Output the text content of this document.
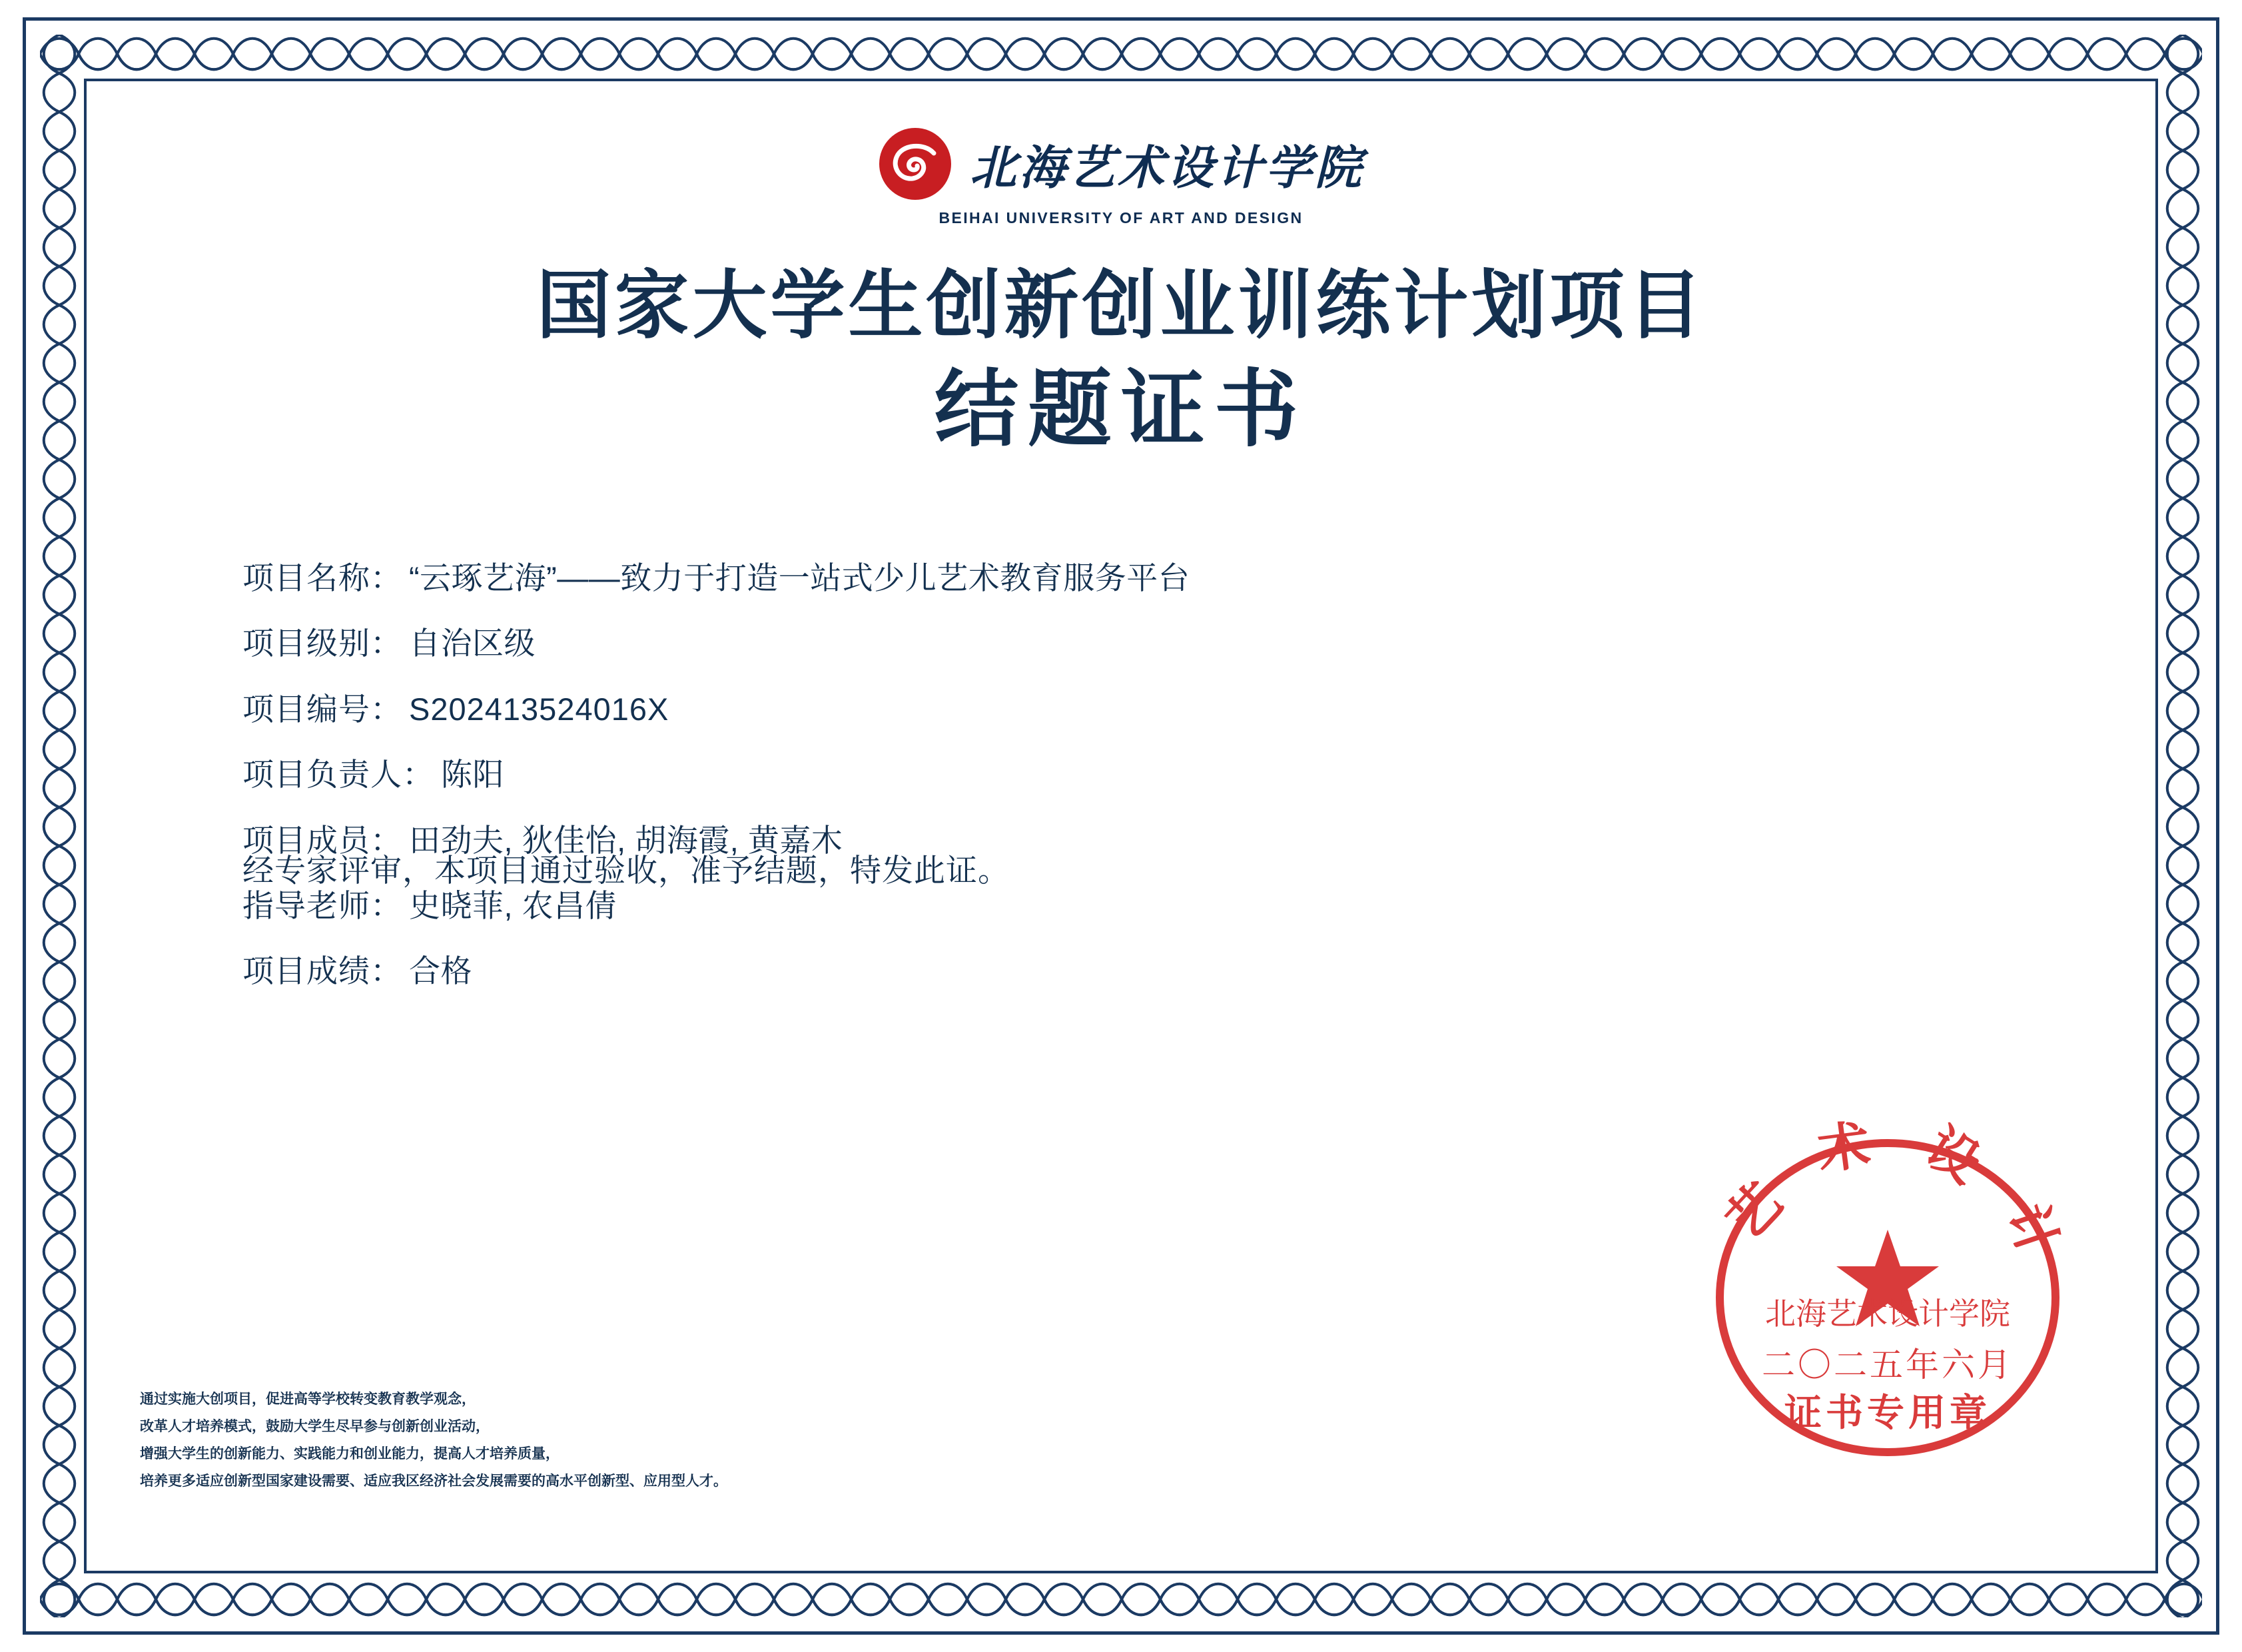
北海艺术设计学院
BEIHAI UNIVERSITY OF ART AND DESIGN
国家大学生创新创业训练计划项目
结题证书
项目名称： “云琢艺海”——致力于打造一站式少儿艺术教育服务平台
项目级别： 自治区级
项目编号： S202413524016X
项目负责人： 陈阳
项目成员： 田劲夫, 狄佳怡, 胡海霞, 黄嘉木
指导老师： 史晓菲, 农昌倩
项目成绩： 合格
经专家评审，本项目通过验收，准予结题，特发此证。
通过实施大创项目，促进高等学校转变教育教学观念，
改革人才培养模式，鼓励大学生尽早参与创新创业活动，
增强大学生的创新能力、实践能力和创业能力，提高人才培养质量，
培养更多适应创新型国家建设需要、适应我区经济社会发展需要的高水平创新型、应用型人才。
艺术设计
北海艺术设计学院
二〇二五年六月
证书专用章
